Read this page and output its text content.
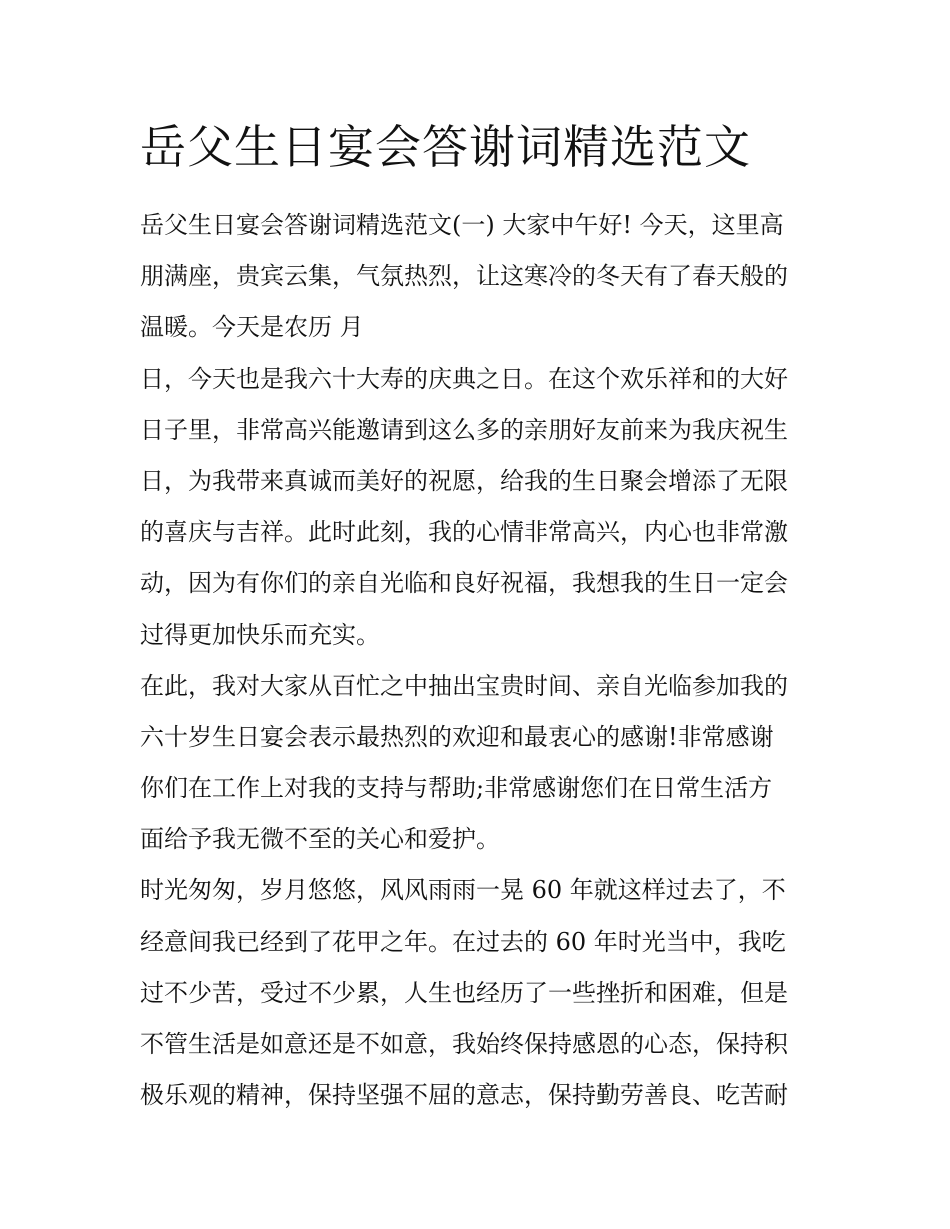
岳父生日宴会答谢词精选范文
岳父生日宴会答谢词精选范文(一) 大家中午好! 今天，这里高
朋满座，贵宾云集，气氛热烈，让这寒冷的冬天有了春天般的
温暖。今天是农历 月
日，今天也是我六十大寿的庆典之日。在这个欢乐祥和的大好
日子里，非常高兴能邀请到这么多的亲朋好友前来为我庆祝生
日，为我带来真诚而美好的祝愿，给我的生日聚会增添了无限
的喜庆与吉祥。此时此刻，我的心情非常高兴，内心也非常激
动，因为有你们的亲自光临和良好祝福，我想我的生日一定会
过得更加快乐而充实。
在此，我对大家从百忙之中抽出宝贵时间、亲自光临参加我的
六十岁生日宴会表示最热烈的欢迎和最衷心的感谢!非常感谢
你们在工作上对我的支持与帮助;非常感谢您们在日常生活方
面给予我无微不至的关心和爱护。
时光匆匆，岁月悠悠，风风雨雨一晃 60 年就这样过去了，不
经意间我已经到了花甲之年。在过去的 60 年时光当中，我吃
过不少苦，受过不少累，人生也经历了一些挫折和困难，但是
不管生活是如意还是不如意，我始终保持感恩的心态，保持积
极乐观的精神，保持坚强不屈的意志，保持勤劳善良、吃苦耐
